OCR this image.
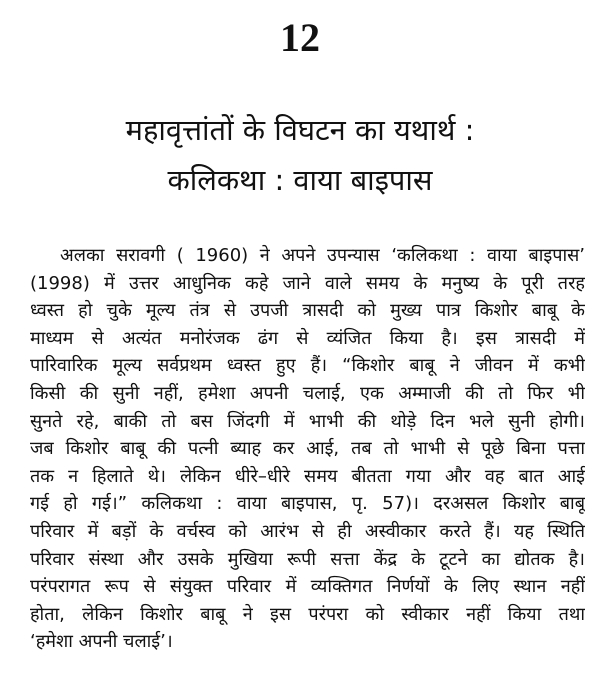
12
महावृत्तांतों के विघटन का यथार्थ :
कलिकथा : वाया बाइपास
अलका सरावगी ( 1960) ने अपने उपन्यास ‘कलिकथा : वाया बाइपास’
(1998) में उत्तर आधुनिक कहे जाने वाले समय के मनुष्य के पूरी तरह
ध्वस्त हो चुके मूल्य तंत्र से उपजी त्रासदी को मुख्य पात्र किशोर बाबू के
माध्यम से अत्यंत मनोरंजक ढंग से व्यंजित किया है। इस त्रासदी में
पारिवारिक मूल्य सर्वप्रथम ध्वस्त हुए हैं। “किशोर बाबू ने जीवन में कभी
किसी की सुनी नहीं, हमेशा अपनी चलाई, एक अम्माजी की तो फिर भी
सुनते रहे, बाकी तो बस जिंदगी में भाभी की थोड़े दिन भले सुनी होगी।
जब किशोर बाबू की पत्नी ब्याह कर आई, तब तो भाभी से पूछे बिना पत्ता
तक न हिलाते थे। लेकिन धीरे–धीरे समय बीतता गया और वह बात आई
गई हो गई।” कलिकथा : वाया बाइपास, पृ. 57)। दरअसल किशोर बाबू
परिवार में बड़ों के वर्चस्व को आरंभ से ही अस्वीकार करते हैं। यह स्थिति
परिवार संस्था और उसके मुखिया रूपी सत्ता केंद्र के टूटने का द्योतक है।
परंपरागत रूप से संयुक्त परिवार में व्यक्तिगत निर्णयों के लिए स्थान नहीं
होता, लेकिन किशोर बाबू ने इस परंपरा को स्वीकार नहीं किया तथा
‘हमेशा अपनी चलाई’।
